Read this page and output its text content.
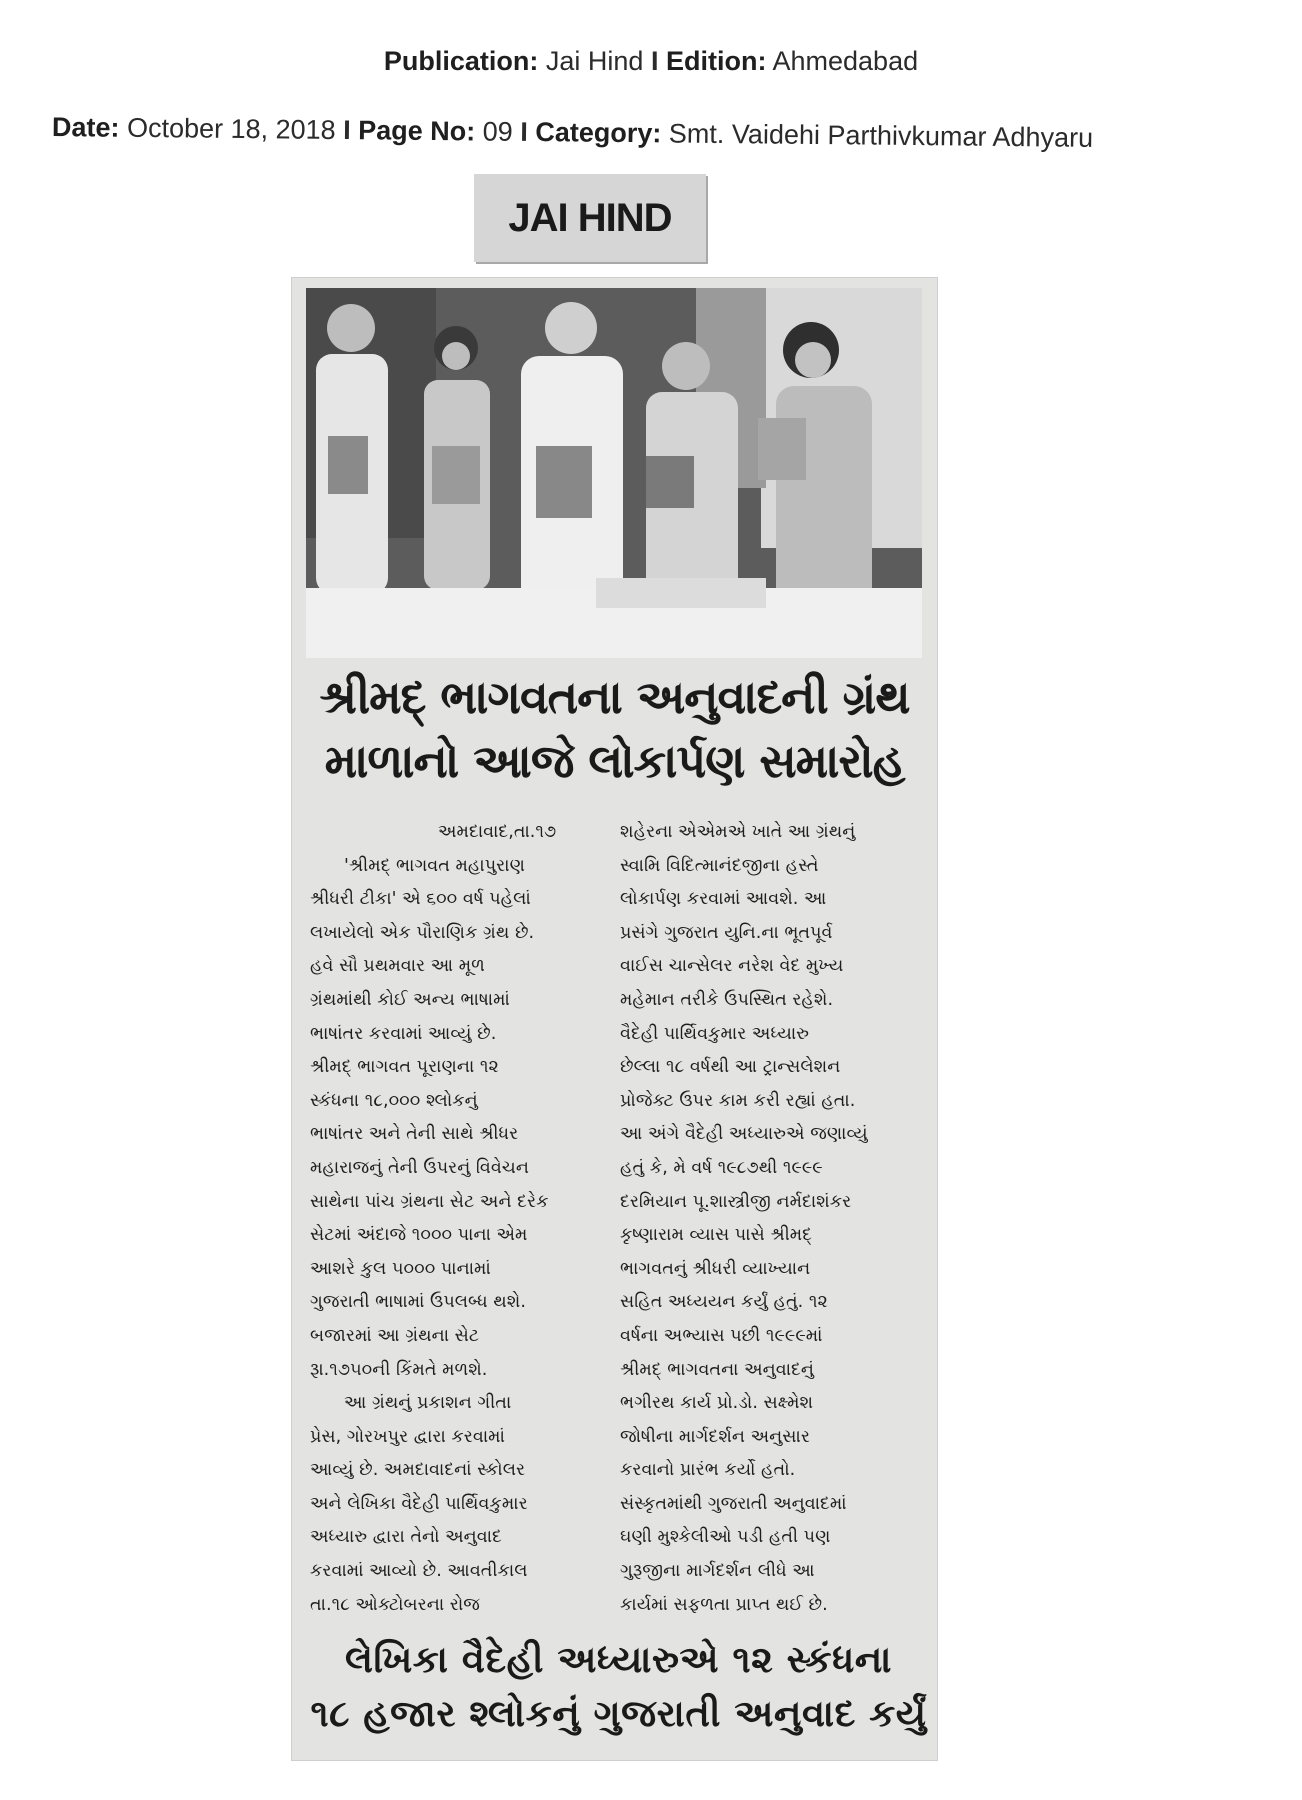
Publication: Jai Hind I Edition: Ahmedabad
Date: October 18, 2018 I Page No: 09 I Category: Smt. Vaidehi Parthivkumar Adhyaru
JAI HIND
શ્રીમદ્ ભાગવતના અનુવાદની ગ્રંથ
માળાનો આજે લોકાર્પણ સમારોહ
અમદાવાદ,તા.૧૭
'શ્રીમદ્ ભાગવત મહાપુરાણ
શ્રીધરી ટીકા' એ ૬૦૦ વર્ષ પહેલાં
લખાયેલો એક પૌરાણિક ગ્રંથ છે.
હવે સૌ પ્રથમવાર આ મૂળ
ગ્રંથમાંથી કોઈ અન્ય ભાષામાં
ભાષાંતર કરવામાં આવ્યું છે.
શ્રીમદ્ ભાગવત પૂરાણના ૧૨
સ્કંધના ૧૮,૦૦૦ શ્લોકનું
ભાષાંતર અને તેની સાથે શ્રીધર
મહારાજનું તેની ઉપરનું વિવેચન
સાથેના પાંચ ગ્રંથના સેટ અને દરેક
સેટમાં અંદાજે ૧૦૦૦ પાના એમ
આશરે કુલ ૫૦૦૦ પાનામાં
ગુજરાતી ભાષામાં ઉપલબ્ધ થશે.
બજારમાં આ ગ્રંથના સેટ
રૂા.૧૭૫૦ની કિંમતે મળશે.
આ ગ્રંથનું પ્રકાશન ગીતા
પ્રેસ, ગોરખપુર દ્વારા કરવામાં
આવ્યું છે. અમદાવાદનાં સ્કોલર
અને લેખિકા વૈદેહી પાર્થિવકુમાર
અધ્યારુ દ્વારા તેનો અનુવાદ
કરવામાં આવ્યો છે. આવતીકાલ
તા.૧૮ ઓક્ટોબરના રોજ
શહેરના એએમએ ખાતે આ ગ્રંથનું
સ્વામિ વિદિત્માનંદજીના હસ્તે
લોકાર્પણ કરવામાં આવશે. આ
પ્રસંગે ગુજરાત યુનિ.ના ભૂતપૂર્વ
વાઈસ ચાન્સેલર નરેશ વેદ મુખ્ય
મહેમાન તરીકે ઉપસ્થિત રહેશે.
વૈદેહી પાર્થિવકુમાર અધ્યારુ
છેલ્લા ૧૮ વર્ષથી આ ટ્રાન્સલેશન
પ્રોજેક્ટ ઉપર કામ કરી રહ્યાં હતા.
આ અંગે વૈદેહી અધ્યારુએ જણાવ્યું
હતું કે, મે વર્ષ ૧૯૮૭થી ૧૯૯૯
દરમિયાન પૂ.શાસ્ત્રીજી નર્મદાશંકર
કૃષ્ણારામ વ્યાસ પાસે શ્રીમદ્
ભાગવતનું શ્રીધરી વ્યાખ્યાન
સહિત અધ્યયન કર્યું હતું. ૧૨
વર્ષના અભ્યાસ પછી ૧૯૯૯માં
શ્રીમદ્ ભાગવતના અનુવાદનું
ભગીરથ કાર્ય પ્રો.ડો. સક્ષ્મેશ
જોષીના માર્ગદર્શન અનુસાર
કરવાનો પ્રારંભ કર્યો હતો.
સંસ્કૃતમાંથી ગુજરાતી અનુવાદમાં
ઘણી મુશ્કેલીઓ પડી હતી પણ
ગુરૂજીના માર્ગદર્શન લીધે આ
કાર્યમાં સફળતા પ્રાપ્ત થઈ છે.
લેખિકા વૈદેહી અધ્યારુએ ૧૨ સ્કંધના
૧૮ હજાર શ્લોકનું ગુજરાતી અનુવાદ કર્યું
